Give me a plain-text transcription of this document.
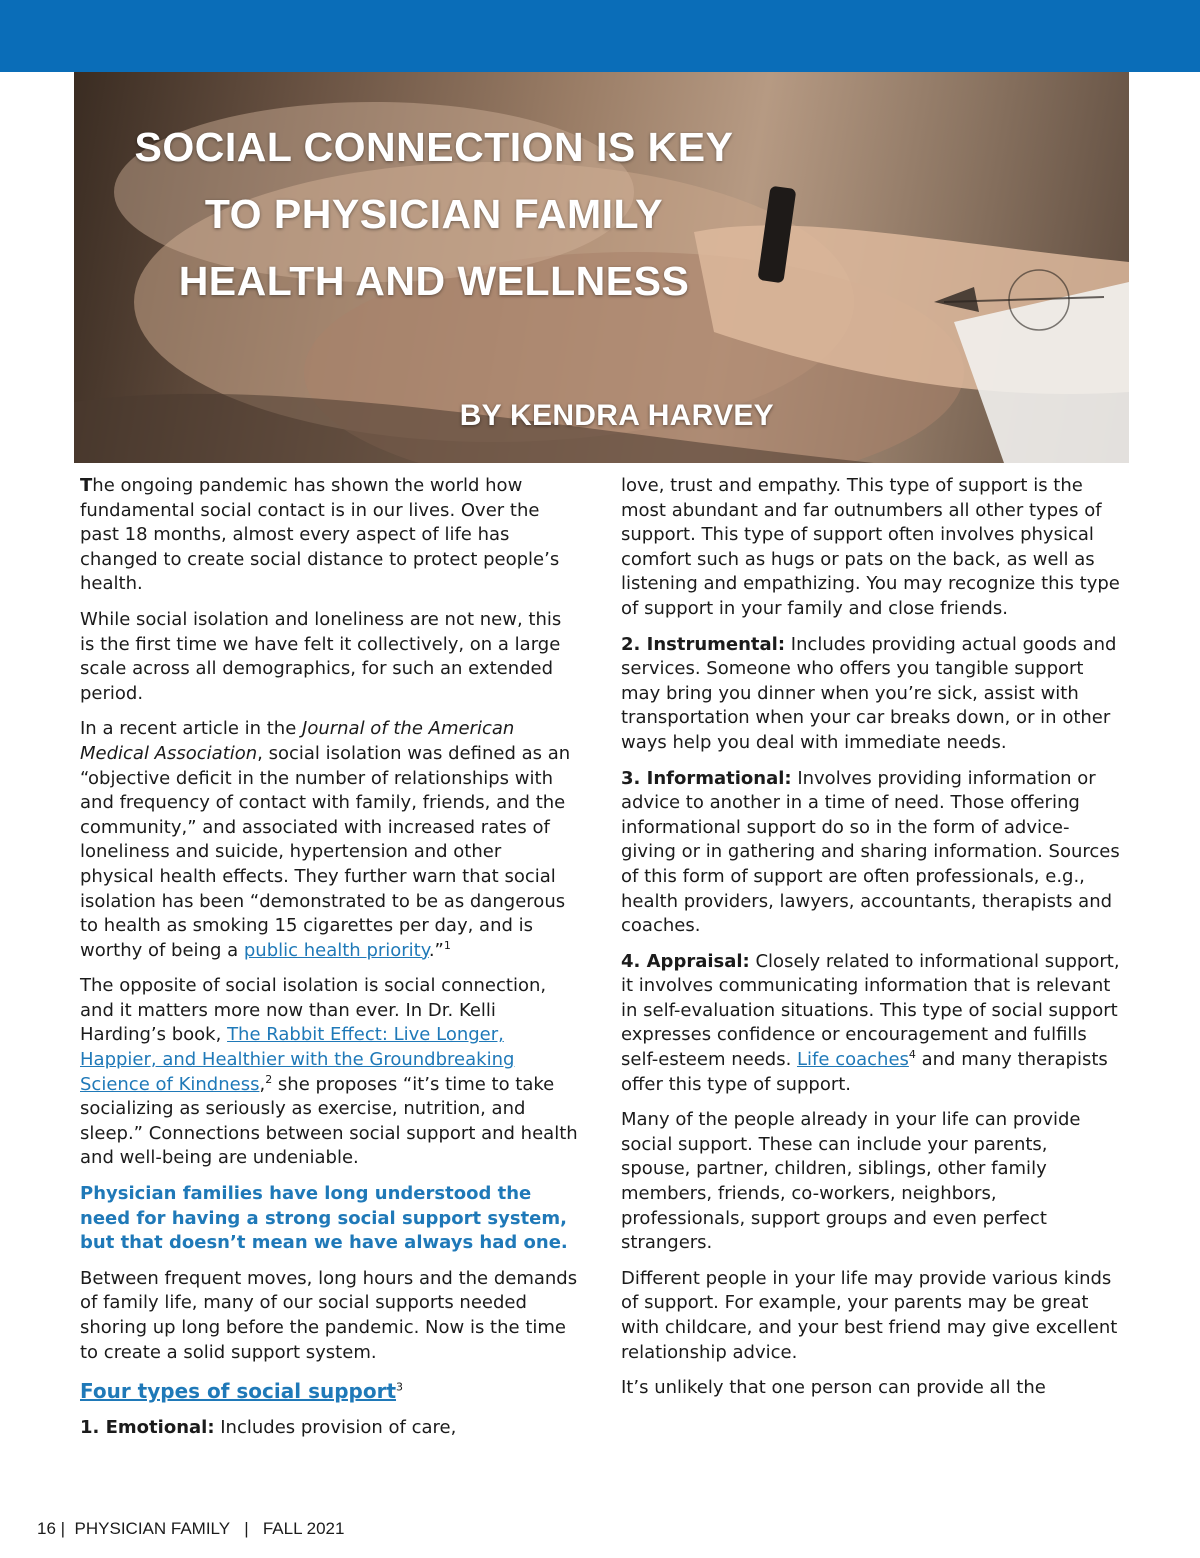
SOCIAL CONNECTION IS KEY
TO PHYSICIAN FAMILY
HEALTH AND WELLNESS
BY KENDRA HARVEY

The ongoing pandemic has shown the world how fundamental social contact is in our lives. Over the past 18 months, almost every aspect of life has changed to create social distance to protect people’s health.

While social isolation and loneliness are not new, this is the first time we have felt it collectively, on a large scale across all demographics, for such an extended period.

In a recent article in the Journal of the American Medical Association, social isolation was defined as an “objective deficit in the number of relationships with and frequency of contact with family, friends, and the community,” and associated with increased rates of loneliness and suicide, hypertension and other physical health effects. They further warn that social isolation has been “demonstrated to be as dangerous to health as smoking 15 cigarettes per day, and is worthy of being a public health priority.”$^1$

The opposite of social isolation is social connection, and it matters more now than ever. In Dr. Kelli Harding’s book, The Rabbit Effect: Live Longer, Happier, and Healthier with the Groundbreaking Science of Kindness,$^2$ she proposes “it’s time to take socializing as seriously as exercise, nutrition, and sleep.” Connections between social support and health and well-being are undeniable.

Physician families have long understood the need for having a strong social support system, but that doesn’t mean we have always had one.

Between frequent moves, long hours and the demands of family life, many of our social supports needed shoring up long before the pandemic. Now is the time to create a solid support system.

Four types of social support$^3$

1. Emotional: Includes provision of care,

love, trust and empathy. This type of support is the most abundant and far outnumbers all other types of support. This type of support often involves physical comfort such as hugs or pats on the back, as well as listening and empathizing. You may recognize this type of support in your family and close friends.

2. Instrumental: Includes providing actual goods and services. Someone who offers you tangible support may bring you dinner when you’re sick, assist with transportation when your car breaks down, or in other ways help you deal with immediate needs.

3. Informational: Involves providing information or advice to another in a time of need. Those offering informational support do so in the form of advice-giving or in gathering and sharing information. Sources of this form of support are often professionals, e.g., health providers, lawyers, accountants, therapists and coaches.

4. Appraisal: Closely related to informational support, it involves communicating information that is relevant in self-evaluation situations. This type of social support expresses confidence or encouragement and fulfills self-esteem needs. Life coaches$^4$ and many therapists offer this type of support.

Many of the people already in your life can provide social support. These can include your parents, spouse, partner, children, siblings, other family members, friends, co-workers, neighbors, professionals, support groups and even perfect strangers.

Different people in your life may provide various kinds of support. For example, your parents may be great with childcare, and your best friend may give excellent relationship advice.

It’s unlikely that one person can provide all the

16 | PHYSICIAN FAMILY | FALL 2021
